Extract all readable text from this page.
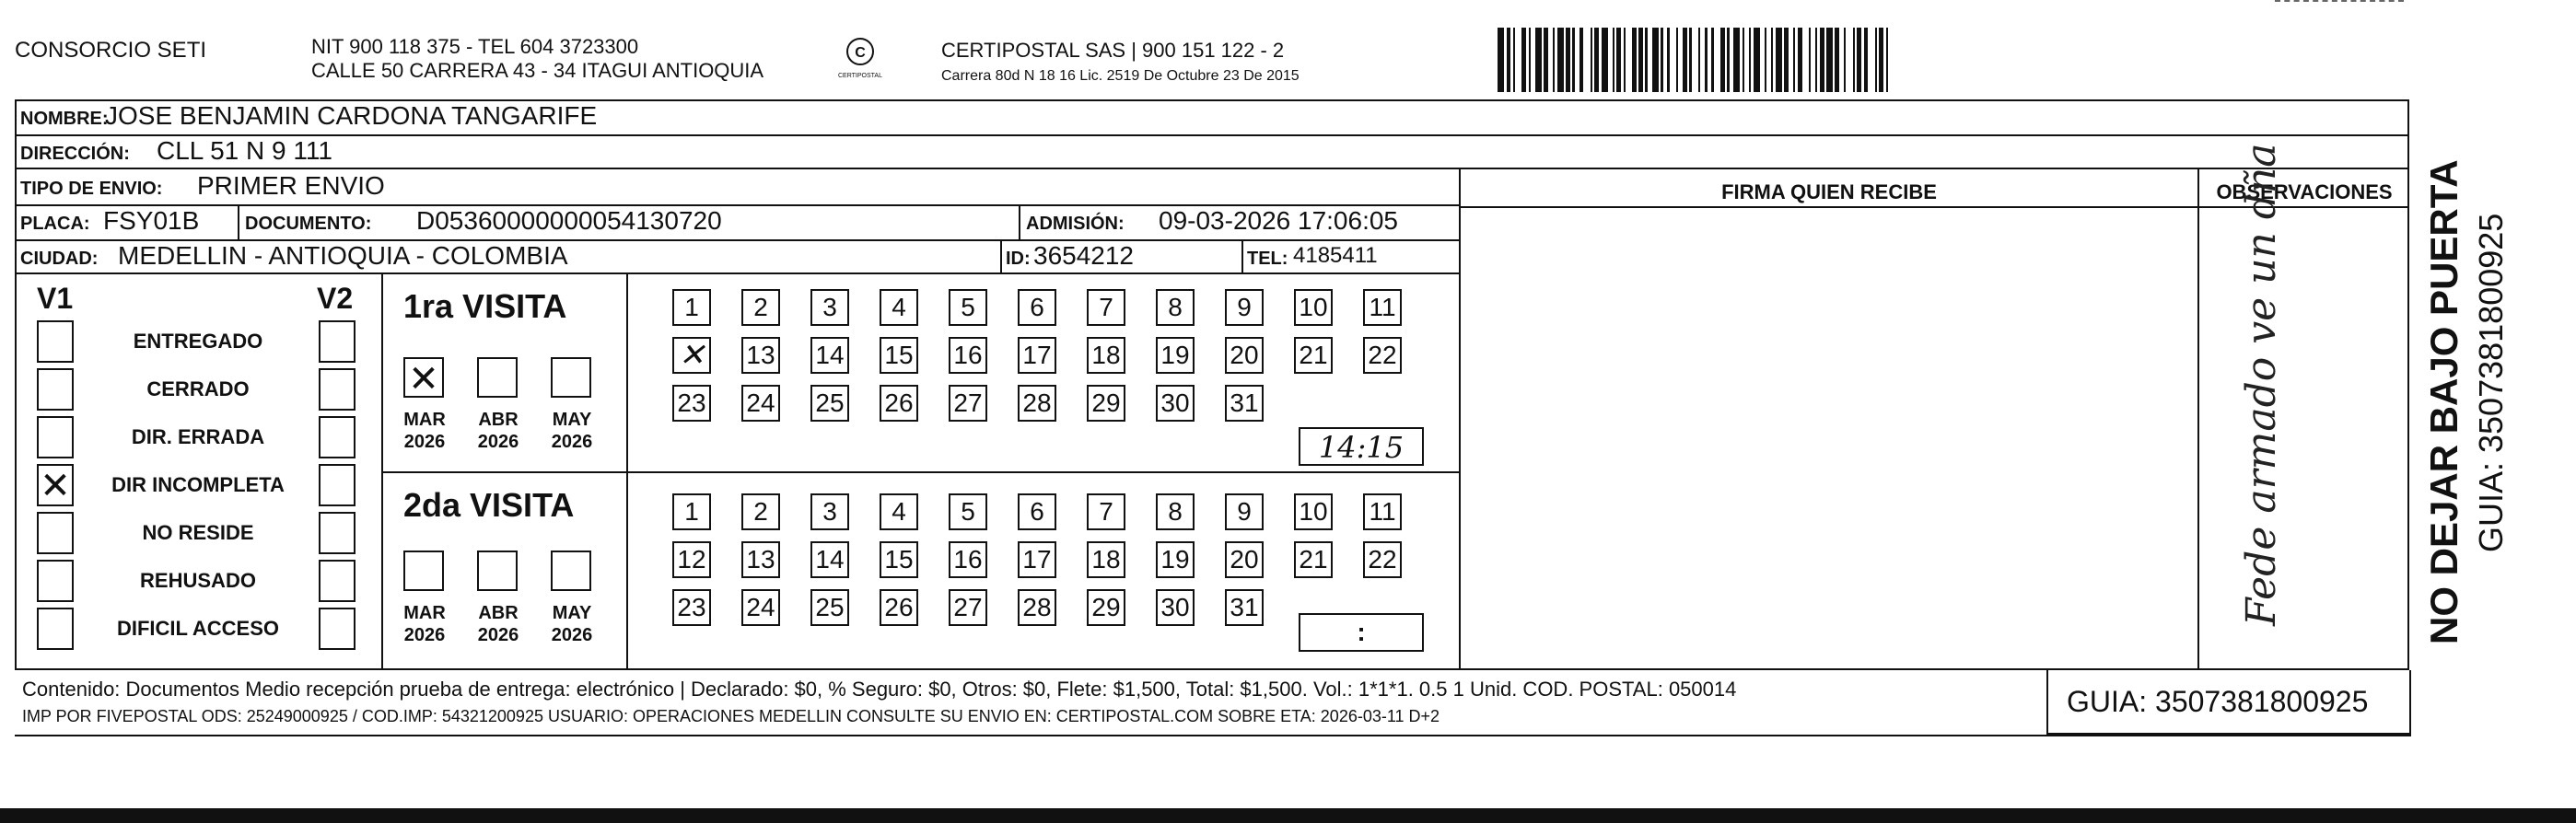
CONSORCIO SETI	NIT 900 118 375 - TEL 604 3723300
CALLE 50 CARRERA 43 - 34 ITAGUI ANTIOQUIA
C
CERTIPOSTAL
CERTIPOSTAL SAS | 900 151 122 - 2
Carrera 80d N 18 16 Lic. 2519 De Octubre 23 De 2015
NOMBRE:
JOSE BENJAMIN CARDONA TANGARIFE
DIRECCIÓN: CLL 51 N 9 111
TIPO DE ENVIO: PRIMER ENVIO
PLACA: FSY01B DOCUMENTO: D05360000000054130720	ADMISIÓN: 09-03-2026 17:06:05
CIUDAD: MEDELLIN - ANTIOQUIA - COLOMBIA	ID: 3654212	TEL: 4185411
FIRMA QUIEN RECIBE	OBSERVACIONES
Fede armado ve un dña
V1	V2
ENTREGADO
CERRADO
DIR. ERRADA
✕	DIR INCOMPLETA
NO RESIDE
REHUSADO
DIFICIL ACCESO
1ra VISITA
✕
MAR
2026
ABR
2026
MAY
2026
1	2	3	4	5	6	7	8	9	10 11
✕ 13 14 15 16 17 18 19 20 21 22
23 24 25 26 27 28 29 30 31
14:15
2da VISITA
MAR
2026
ABR
2026
MAY
2026
1	2	3	4	5	6	7	8	9	10 11
12 13 14 15 16 17 18 19 20 21 22
23 24 25 26 27 28 29 30 31
:
Contenido: Documentos Medio recepción prueba de entrega: electrónico | Declarado: $0, % Seguro: $0, Otros: $0, Flete: $1,500, Total: $1,500. Vol.: 1*1*1. 0.5 1 Unid. COD. POSTAL: 050014
IMP POR FIVEPOSTAL ODS: 25249000925 / COD.IMP: 54321200925 USUARIO: OPERACIONES MEDELLIN CONSULTE SU ENVIO EN: CERTIPOSTAL.COM SOBRE ETA: 2026-03-11 D+2	GUIA: 3507381800925
NO DEJAR BAJO PUERTA GUIA: 3507381800925
